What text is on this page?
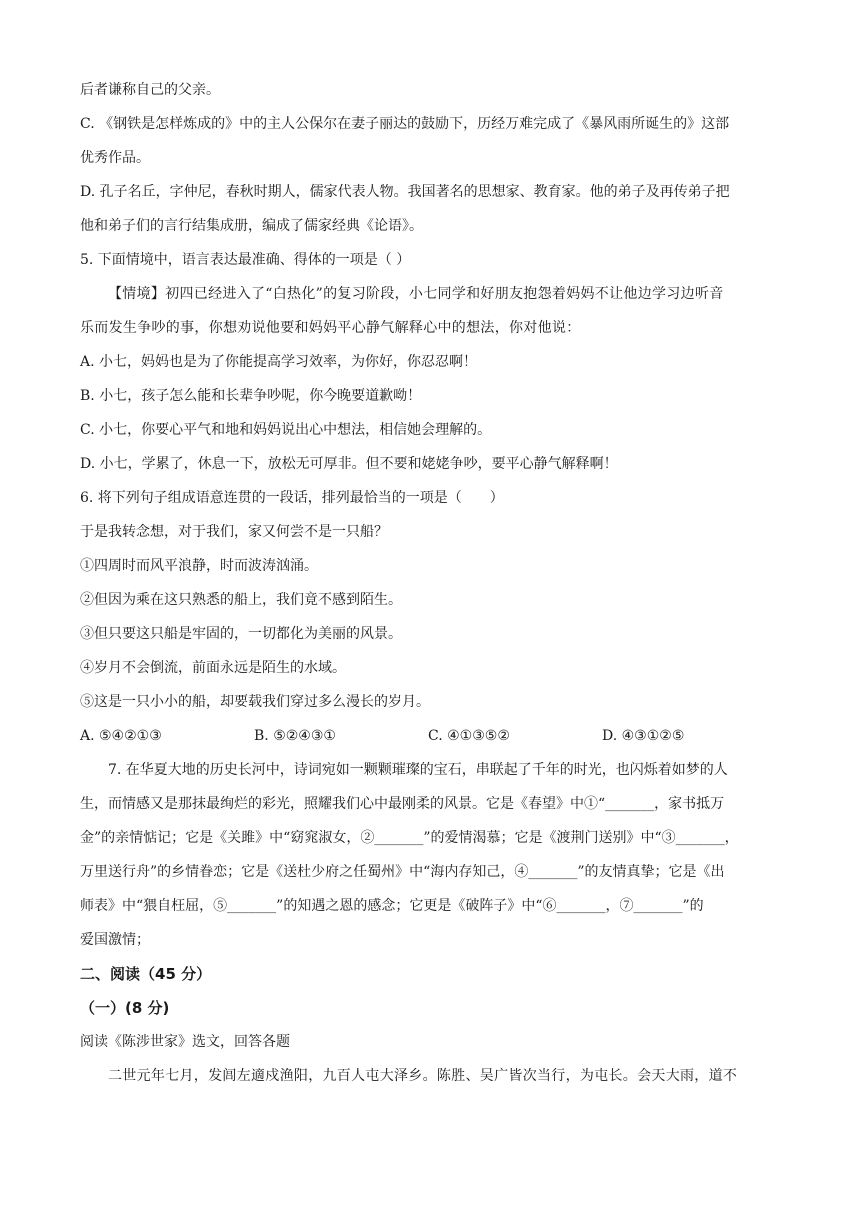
后者谦称自己的父亲。

C. 《钢铁是怎样炼成的》中的主人公保尔在妻子丽达的鼓励下，历经万难完成了《暴风雨所诞生的》这部

优秀作品。

D. 孔子名丘，字仲尼，春秋时期人，儒家代表人物。我国著名的思想家、教育家。他的弟子及再传弟子把

他和弟子们的言行结集成册，编成了儒家经典《论语》。

5. 下面情境中，语言表达最准确、得体的一项是（ ）

【情境】初四已经进入了“白热化”的复习阶段，小七同学和好朋友抱怨着妈妈不让他边学习边听音

乐而发生争吵的事，你想劝说他要和妈妈平心静气解释心中的想法，你对他说：

A. 小七，妈妈也是为了你能提高学习效率，为你好，你忍忍啊！

B. 小七，孩子怎么能和长辈争吵呢，你今晚要道歉呦！

C. 小七，你要心平气和地和妈妈说出心中想法，相信她会理解的。

D. 小七，学累了，休息一下，放松无可厚非。但不要和姥姥争吵，要平心静气解释啊！

6. 将下列句子组成语意连贯的一段话，排列最恰当的一项是（　　）

于是我转念想，对于我们，家又何尝不是一只船？

①四周时而风平浪静，时而波涛汹涌。

②但因为乘在这只熟悉的船上，我们竟不感到陌生。

③但只要这只船是牢固的，一切都化为美丽的风景。

④岁月不会倒流，前面永远是陌生的水域。

⑤这是一只小小的船，却要载我们穿过多么漫长的岁月。

A. ⑤④②①③	B. ⑤②④③①	C. ④①③⑤②	D. ④③①②⑤

7. 在华夏大地的历史长河中，诗词宛如一颗颗璀璨的宝石，串联起了千年的时光，也闪烁着如梦的人

生，而情感又是那抹最绚烂的彩光，照耀我们心中最刚柔的风景。它是《春望》中①“_______，家书抵万

金”的亲情惦记；它是《关雎》中“窈窕淑女，②_______”的爱情渴慕；它是《渡荆门送别》中“③_______，

万里送行舟”的乡情眷恋；它是《送杜少府之任蜀州》中“海内存知己，④_______”的友情真挚；它是《出

师表》中“猥自枉屈，⑤_______”的知遇之恩的感念；它更是《破阵子》中“⑥_______，⑦_______”的

爱国激情；

二、阅读（45 分）

（一）(8 分)

阅读《陈涉世家》选文，回答各题

二世元年七月，发闾左適戍渔阳，九百人屯大泽乡。陈胜、吴广皆次当行，为屯长。会天大雨，道不
